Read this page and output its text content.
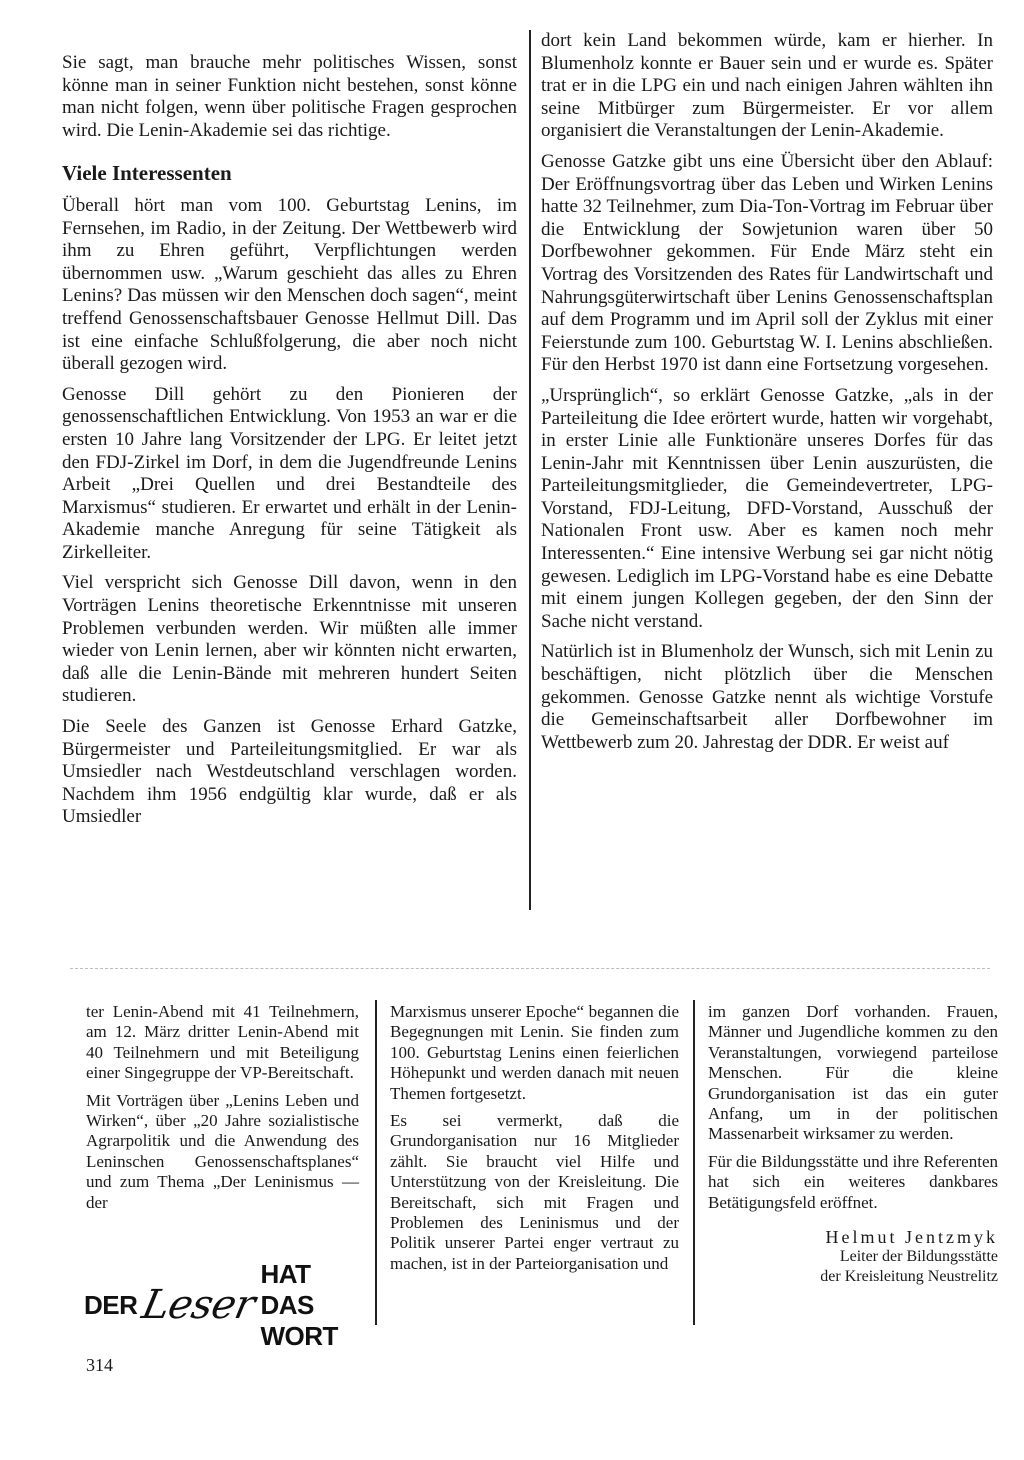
Sie sagt, man brauche mehr politisches Wissen, sonst könne man in seiner Funktion nicht bestehen, sonst könne man nicht folgen, wenn über politische Fragen gesprochen wird. Die Lenin-Akademie sei das richtige.

Viele Interessenten

Überall hört man vom 100. Geburtstag Lenins, im Fernsehen, im Radio, in der Zeitung. Der Wettbewerb wird ihm zu Ehren geführt, Verpflichtungen werden übernommen usw. „Warum geschieht das alles zu Ehren Lenins? Das müssen wir den Menschen doch sagen“, meint treffend Genossenschaftsbauer Genosse Hellmut Dill. Das ist eine einfache Schlußfolgerung, die aber noch nicht überall gezogen wird.

Genosse Dill gehört zu den Pionieren der genossenschaftlichen Entwicklung. Von 1953 an war er die ersten 10 Jahre lang Vorsitzender der LPG. Er leitet jetzt den FDJ-Zirkel im Dorf, in dem die Jugendfreunde Lenins Arbeit „Drei Quellen und drei Bestandteile des Marxismus“ studieren. Er erwartet und erhält in der Lenin-Akademie manche Anregung für seine Tätigkeit als Zirkelleiter.

Viel verspricht sich Genosse Dill davon, wenn in den Vorträgen Lenins theoretische Erkenntnisse mit unseren Problemen verbunden werden. Wir müßten alle immer wieder von Lenin lernen, aber wir könnten nicht erwarten, daß alle die Lenin-Bände mit mehreren hundert Seiten studieren.

Die Seele des Ganzen ist Genosse Erhard Gatzke, Bürgermeister und Parteileitungsmitglied. Er war als Umsiedler nach Westdeutschland verschlagen worden. Nachdem ihm 1956 endgültig klar wurde, daß er als Umsiedler

dort kein Land bekommen würde, kam er hierher. In Blumenholz konnte er Bauer sein und er wurde es. Später trat er in die LPG ein und nach einigen Jahren wählten ihn seine Mitbürger zum Bürgermeister. Er vor allem organisiert die Veranstaltungen der Lenin-Akademie.

Genosse Gatzke gibt uns eine Übersicht über den Ablauf: Der Eröffnungsvortrag über das Leben und Wirken Lenins hatte 32 Teilnehmer, zum Dia-Ton-Vortrag im Februar über die Entwicklung der Sowjetunion waren über 50 Dorfbewohner gekommen. Für Ende März steht ein Vortrag des Vorsitzenden des Rates für Landwirtschaft und Nahrungsgüterwirtschaft über Lenins Genossenschaftsplan auf dem Programm und im April soll der Zyklus mit einer Feierstunde zum 100. Geburtstag W. I. Lenins abschließen. Für den Herbst 1970 ist dann eine Fortsetzung vorgesehen.

„Ursprünglich“, so erklärt Genosse Gatzke, „als in der Parteileitung die Idee erörtert wurde, hatten wir vorgehabt, in erster Linie alle Funktionäre unseres Dorfes für das Lenin-Jahr mit Kenntnissen über Lenin auszurüsten, die Parteileitungsmitglieder, die Gemeindevertreter, LPG-Vorstand, FDJ-Leitung, DFD-Vorstand, Ausschuß der Nationalen Front usw. Aber es kamen noch mehr Interessenten.“ Eine intensive Werbung sei gar nicht nötig gewesen. Lediglich im LPG-Vorstand habe es eine Debatte mit einem jungen Kollegen gegeben, der den Sinn der Sache nicht verstand.

Natürlich ist in Blumenholz der Wunsch, sich mit Lenin zu beschäftigen, nicht plötzlich über die Menschen gekommen. Genosse Gatzke nennt als wichtige Vorstufe die Gemeinschaftsarbeit aller Dorfbewohner im Wettbewerb zum 20. Jahrestag der DDR. Er weist auf

ter Lenin-Abend mit 41 Teilnehmern, am 12. März dritter Lenin-Abend mit 40 Teilnehmern und mit Beteiligung einer Singegruppe der VP-Bereitschaft.

Mit Vorträgen über „Lenins Leben und Wirken“, über „20 Jahre sozialistische Agrarpolitik und die Anwendung des Leninschen Genossenschaftsplanes“ und zum Thema „Der Leninismus — der

Marxismus unserer Epoche“ begannen die Begegnungen mit Lenin. Sie finden zum 100. Geburtstag Lenins einen feierlichen Höhepunkt und werden danach mit neuen Themen fortgesetzt.

Es sei vermerkt, daß die Grundorganisation nur 16 Mitglieder zählt. Sie braucht viel Hilfe und Unterstützung von der Kreisleitung. Die Bereitschaft, sich mit Fragen und Problemen des Leninismus und der Politik unserer Partei enger vertraut zu machen, ist in der Parteiorganisation und

im ganzen Dorf vorhanden. Frauen, Männer und Jugendliche kommen zu den Veranstaltungen, vorwiegend parteilose Menschen. Für die kleine Grundorganisation ist das ein guter Anfang, um in der politischen Massenarbeit wirksamer zu werden.

Für die Bildungsstätte und ihre Referenten hat sich ein weiteres dankbares Betätigungsfeld eröffnet.

Helmut Jentzmyk
Leiter der Bildungsstätte
der Kreisleitung Neustrelitz
DER Leser
HAT DAS WORT
314
